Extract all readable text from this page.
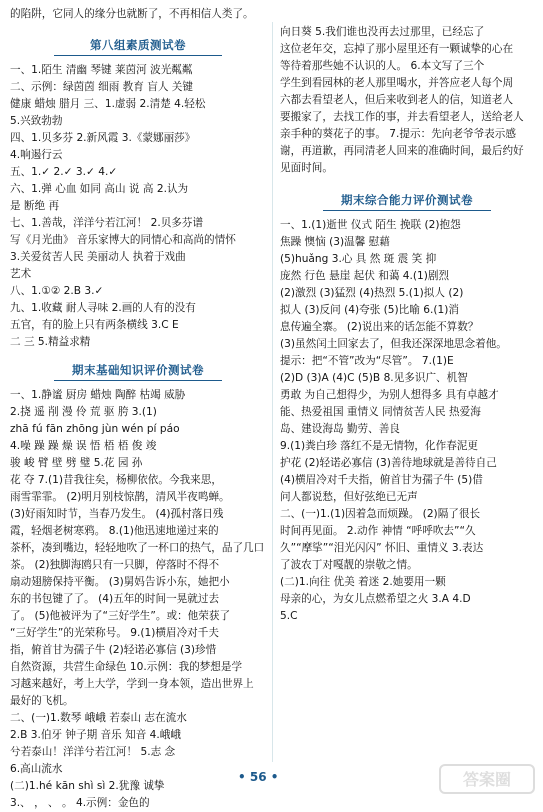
的陷阱，它同人的缘分也就断了，不再相信人类了。
第八组素质测试卷
一、1.陌生 清幽 琴键 莱茵河 波光粼粼
二、示例：绿茵茵 细雨 教育 盲人 关键
健康 蜡烛 腊月 三、1.虚弱 2.清楚 4.轻松
5.兴致勃勃
四、1.贝多芬 2.新风霞 3.《蒙娜丽莎》
4.响遏行云
五、1.✓ 2.✓ 3.✓ 4.✓
六、1.弹 心血 如同 高山 说 高 2.认为
是 断绝 再
七、1.善哉，洋洋兮若江河！ 2.贝多芬谱
写《月光曲》 音乐家博大的同情心和高尚的情怀
3.关爱贫苦人民 美丽动人 执着于戏曲
艺术
八、1.①② 2.B 3.✓
九、1.收藏 耐人寻味 2.画的人有的没有
五官，有的脸上只有两条横线 3.C E
二 三 5.精益求精
期末基础知识评价测试卷
一、1.静谧 厨房 蜡烛 陶醉 枯竭 威胁
2.挠 遥 削 漫 伶 荒 驱 胯 3.(1)
zhā fú fān zhōng jùn wén pí páo
4.噪 躁 躁 燥 误 悟 梧 梧 俊 竣
骏 峻 臂 壁 劈 璧 5.花 园 孙
花 夺 7.(1)昔我往矣，杨柳依依。今我来思，
雨雪霏霏。 (2)明月别枝惊鹊，清风半夜鸣蝉。
(3)好雨知时节，当春乃发生。 (4)孤村落日残
霞，轻烟老树寒鸦。 8.(1)他迅速地递过来的
茶杯，凑到嘴边，轻轻地吹了一杯口的热气，品了几口
茶。 (2)独脚海鸥只有一只脚，停落时不得不
扇动翅膀保持平衡。 (3)舅妈告诉小东，她把小
东的书包键了了。 (4)五年的时间一晃就过去
了。 (5)他被评为了“三好学生”。或：他荣获了
“三好学生”的光荣称号。 9.(1)横眉冷对千夫
指，俯首甘为孺子牛 (2)轻诺必寡信 (3)珍惜
自然资源，共营生命绿色 10.示例：我的梦想是学
习越来越好，考上大学，学到一身本领，造出世界上
最好的飞机。
二、(一)1.数琴 峨峨 若泰山 志在流水
2.B 3.伯牙 钟子期 音乐 知音 4.峨峨
兮若泰山！洋洋兮若江河！ 5.志 念
6.高山流水
(二)1.hé kān shì sì 2.犹豫 诚挚
3.、 ， 、 。 4.示例：金色的
向日葵 5.我们谁也没再去过那里，已经忘了
这位老年交，忘掉了那小屋里还有一颗诚挚的心在
等待着那些她不认识的人。 6.本文写了三个
学生到看园林的老人那里喝水，并答应老人每个周
六都去看望老人，但后来收到老人的信，知道老人
要搬家了，去找工作的事，并去看望老人，送给老人
亲手种的葵花子的事。 7.提示：先向老爷爷表示感
谢，再道歉，再同清老人回来的准确时间，最后约好
见面时间。
期末综合能力评价测试卷
一、1.(1)逝世 仪式 陌生 挽联 (2)抱怨
焦躁 懊恼 (3)温馨 慰藉
(5)huǎng 3.心 具 然 斑 震 笑 抑
庞然 行色 悬崖 起伏 和蔼 4.(1)剧烈
(2)激烈 (3)猛烈 (4)热烈 5.(1)拟人 (2)
拟人 (3)反问 (4)夸张 (5)比喻 6.(1)消
息传遍全寨。 (2)说出来的话怎能不算数？
(3)虽然闰土回家去了，但我还深深地思念着他。
提示：把“不管”改为“尽管”。 7.(1)E
(2)D (3)A (4)C (5)B 8.见多识广、机智
勇敢 为自己想得少，为别人想得多 具有卓越才
能、热爱祖国 重情义 同情贫苦人民 热爱海
岛、建设海岛 勤劳、善良
9.(1)粪白珍 落红不是无情物，化作春泥更
护花 (2)轻诺必寡信 (3)善待地球就是善待自己
(4)横眉冷对千夫指，俯首甘为孺子牛 (5)借
问人都说愁，但好弦绝已无声
二、(一)1.(1)因着急而烦躁。 (2)隔了很长
时间再见面。 2.动作 神情 “呼呼吹去”“久
久”“摩挲”“泪光闪闪” 怀旧、重情义 3.表达
了波农丁对嘎靓的崇敬之情。
(二)1.向往 优美 着迷 2.她要用一颗
母亲的心，为女儿点燃希望之火 3.A 4.D
5.C
• 56 •	答案圈
